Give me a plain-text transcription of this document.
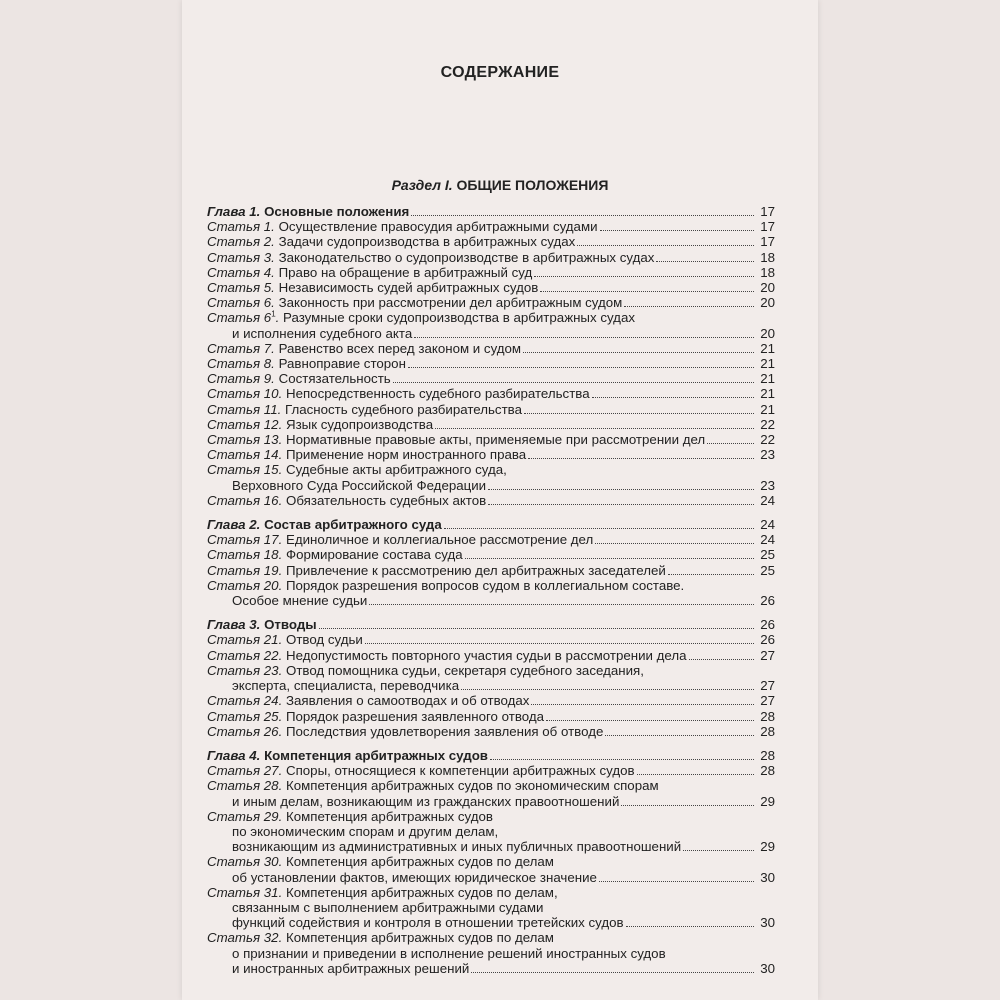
СОДЕРЖАНИЕ
Раздел I. ОБЩИЕ ПОЛОЖЕНИЯ
Глава 1. Основные положения	17
Статья 1. Осуществление правосудия арбитражными судами	17
Статья 2. Задачи судопроизводства в арбитражных судах	17
Статья 3. Законодательство о судопроизводстве в арбитражных судах	18
Статья 4. Право на обращение в арбитражный суд	18
Статья 5. Независимость судей арбитражных судов	20
Статья 6. Законность при рассмотрении дел арбитражным судом	20
Статья $6^1$. Разумные сроки судопроизводства в арбитражных судах
и исполнения судебного акта	20
Статья 7. Равенство всех перед законом и судом	21
Статья 8. Равноправие сторон	21
Статья 9. Состязательность	21
Статья 10. Непосредственность судебного разбирательства	21
Статья 11. Гласность судебного разбирательства	21
Статья 12. Язык судопроизводства	22
Статья 13. Нормативные правовые акты, применяемые при рассмотрении дел	22
Статья 14. Применение норм иностранного права	23
Статья 15. Судебные акты арбитражного суда,
Верховного Суда Российской Федерации	23
Статья 16. Обязательность судебных актов	24
Глава 2. Состав арбитражного суда	24
Статья 17. Единоличное и коллегиальное рассмотрение дел	24
Статья 18. Формирование состава суда	25
Статья 19. Привлечение к рассмотрению дел арбитражных заседателей	25
Статья 20. Порядок разрешения вопросов судом в коллегиальном составе.
Особое мнение судьи	26
Глава 3. Отводы	26
Статья 21. Отвод судьи	26
Статья 22. Недопустимость повторного участия судьи в рассмотрении дела	27
Статья 23. Отвод помощника судьи, секретаря судебного заседания,
эксперта, специалиста, переводчика	27
Статья 24. Заявления о самоотводах и об отводах	27
Статья 25. Порядок разрешения заявленного отвода	28
Статья 26. Последствия удовлетворения заявления об отводе	28
Глава 4. Компетенция арбитражных судов	28
Статья 27. Споры, относящиеся к компетенции арбитражных судов	28
Статья 28. Компетенция арбитражных судов по экономическим спорам
и иным делам, возникающим из гражданских правоотношений	29
Статья 29. Компетенция арбитражных судов
по экономическим спорам и другим делам,
возникающим из административных и иных публичных правоотношений	29
Статья 30. Компетенция арбитражных судов по делам
об установлении фактов, имеющих юридическое значение	30
Статья 31. Компетенция арбитражных судов по делам,
связанным с выполнением арбитражными судами
функций содействия и контроля в отношении третейских судов	30
Статья 32. Компетенция арбитражных судов по делам
о признании и приведении в исполнение решений иностранных судов
и иностранных арбитражных решений	30
